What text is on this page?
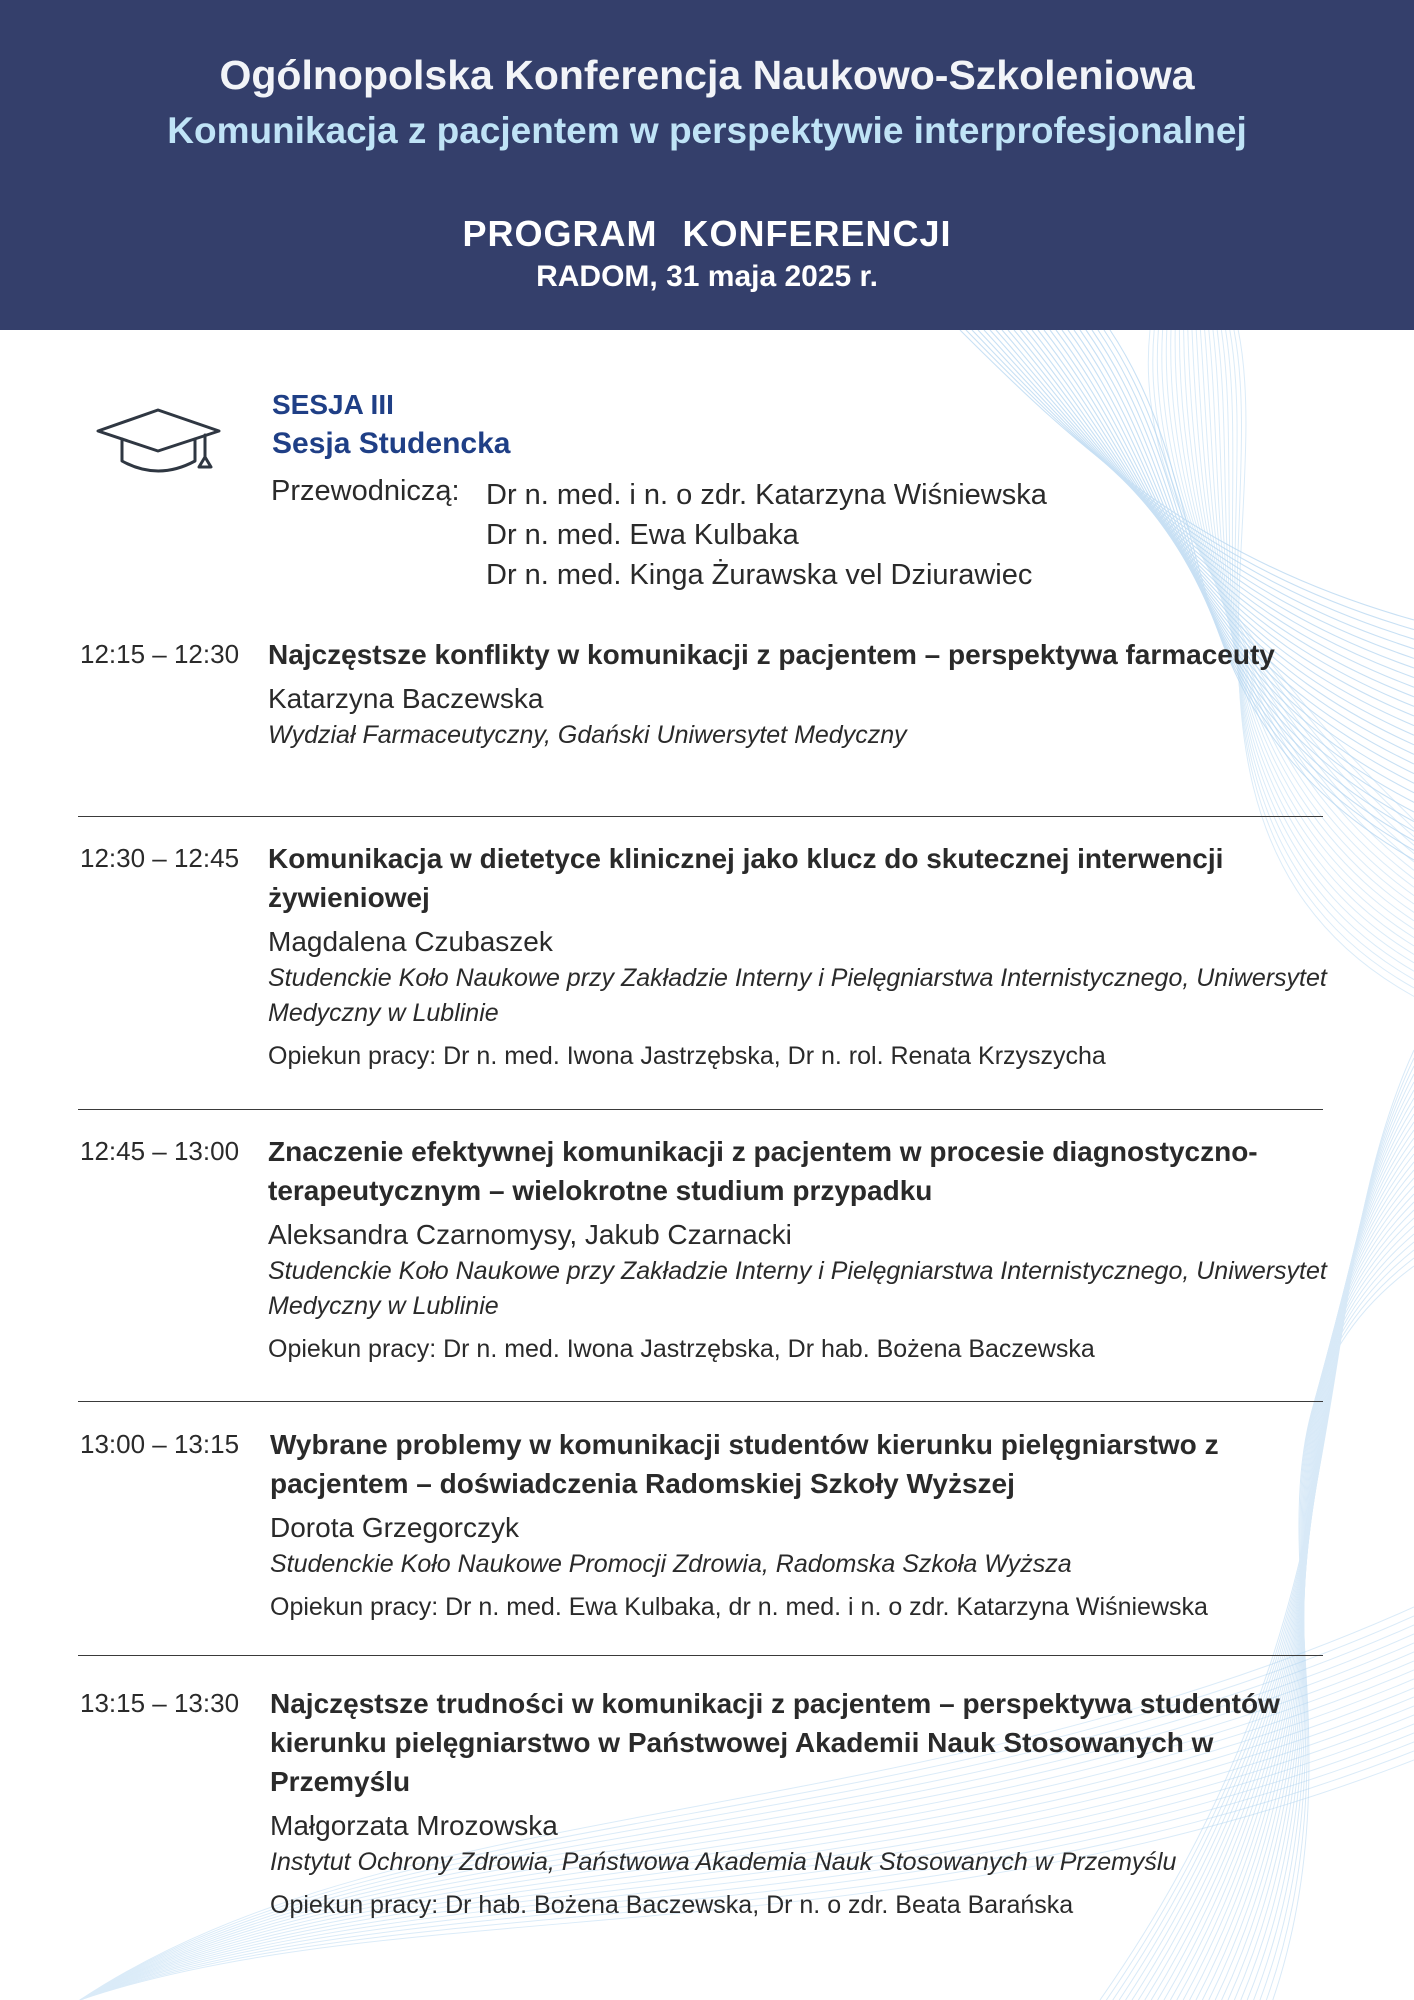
Ogólnopolska Konferencja Naukowo-Szkoleniowa
Komunikacja z pacjentem w perspektywie interprofesjonalnej
PROGRAM KONFERENCJI
RADOM, 31 maja 2025 r.
SESJA III
Sesja Studencka
Przewodniczą: Dr n. med. i n. o zdr. Katarzyna Wiśniewska
Dr n. med. Ewa Kulbaka
Dr n. med. Kinga Żurawska vel Dziurawiec
12:15 – 12:30 Najczęstsze konflikty w komunikacji z pacjentem – perspektywa farmaceuty
Katarzyna Baczewska
Wydział Farmaceutyczny, Gdański Uniwersytet Medyczny
12:30 – 12:45 Komunikacja w dietetyce klinicznej jako klucz do skutecznej interwencji żywieniowej
Magdalena Czubaszek
Studenckie Koło Naukowe przy Zakładzie Interny i Pielęgniarstwa Internistycznego, Uniwersytet Medyczny w Lublinie
Opiekun pracy: Dr n. med. Iwona Jastrzębska, Dr n. rol. Renata Krzyszycha
12:45 – 13:00 Znaczenie efektywnej komunikacji z pacjentem w procesie diagnostyczno-terapeutycznym – wielokrotne studium przypadku
Aleksandra Czarnomysy, Jakub Czarnacki
Studenckie Koło Naukowe przy Zakładzie Interny i Pielęgniarstwa Internistycznego, Uniwersytet Medyczny w Lublinie
Opiekun pracy: Dr n. med. Iwona Jastrzębska, Dr hab. Bożena Baczewska
13:00 – 13:15 Wybrane problemy w komunikacji studentów kierunku pielęgniarstwo z pacjentem – doświadczenia Radomskiej Szkoły Wyższej
Dorota Grzegorczyk
Studenckie Koło Naukowe Promocji Zdrowia, Radomska Szkoła Wyższa
Opiekun pracy: Dr n. med. Ewa Kulbaka, dr n. med. i n. o zdr. Katarzyna Wiśniewska
13:15 – 13:30 Najczęstsze trudności w komunikacji z pacjentem – perspektywa studentów kierunku pielęgniarstwo w Państwowej Akademii Nauk Stosowanych w Przemyślu
Małgorzata Mrozowska
Instytut Ochrony Zdrowia, Państwowa Akademia Nauk Stosowanych w Przemyślu
Opiekun pracy: Dr hab. Bożena Baczewska, Dr n. o zdr. Beata Barańska
